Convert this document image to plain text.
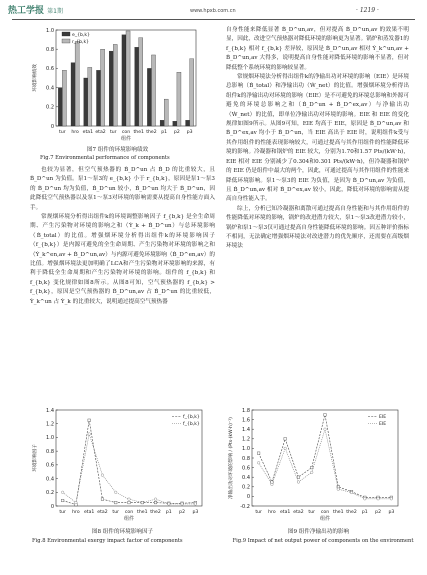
热工学报 第1期	www.hpxb.com.cn	· 1219 ·
0
0.2
0.4
0.6
0.8
1.0
tur hro eta1 eta2 tur con the1 the2 p1 p2 p3
组件
环境影响绩效
e_{b,k}
r_{b,k}
图7 组件的环境影响绩效
Fig.7 Environmental performance of components

也较为显著，但空气预热器的 Ḃ_D^un 占 Ḃ_D 的比重较大，且 Ḃ_D^un 为负值。泵1～泵3的 e_{b,k} 小于 r_{b,k}，原因是泵1～泵3的 Ḃ_D^un 均为负值，Ḃ_D^un 较小，Ḃ_D^un 均大于 Ḃ_D^un，因此降低空气预热器以及泵1～泵3对环境的影响需要从提高自身性能方面入手。

常规烟环境分析得出组件k的环境调整影响因子 f_{b,k} 是全生命周期、产生污染物对环境的影响之和（Ẏ_k + Ḃ_D^un）与总环境影响（Ḃ_total）的比值。增强烟环境分析得出组件k的环境影响因子（f_{b,k}）是内源可避免的全生命周期、产生污染物对环境的影响之和（Ẏ_k^en,av + Ḃ_D^un,av）与内源可避免环境影响（Ḃ_D^en,av）的比值。增强烟环境法更加明确了LCA和产生污染物对环境影响的来源，有利于降低全生命周期和产生污染物对环境的影响。组件的 f_{b,k} 和 f_{b,k} 变化规律如图8所示。从图8可知，空气预热器的 f_{b,k} > f_{b,k}，原因是空气预热器的 Ḃ_D^un,av 占 Ḃ_D^un 的比重较低，Ẏ_k^un 占 Ẏ_k 的比重较大，说明通过提高空气预热器

自身性能来降低显著 Ḃ_D^un,av，但对提高 Ḃ_D^un,av 的效果不明显，因此，改进空气预热器对降低环境的影响更为显著。锅炉和蒸发器1的 f_{b,k} 相对 f_{b,k} 差异较，原因是 Ḃ_D^un,av 相对 Ẏ_k^un,av + Ḃ_D^un,av 大得多，说明提高自身性能对降低环境的影响不显著，但对降低整个系统环境的影响较显著。

常规烟环境法分析得出组件k的净输出功对环境的影响（EIE）是环境总影响（Ḃ_total）和净输出功（Ẇ_net）的比值。增强烟环境分析得出组件k的净输出功对环境的影响（EIE）是不可避免的环境总影响和外源可避免的环境总影响之和（Ḃ_D^un + Ḃ_D^ex,av）与净输出功（Ẇ_net）的比值，即单位净输出功对环境的影响。EIE 和 EIE 的变化规律如图9所示。从图9可知，EIE 均高于 EIE，原因是 Ḃ_D^un,av 和 Ḃ_D^ex,av 均小于 Ḃ_D^un，当 EIE 高出于 EIE 时，说明组件k受与其作用组件的性能表现影响较大，可通过提高与其作用组件的性能降低环境的影响。冷凝器和锅炉的 EIE 较大，分别为1.70和1.57 Pts/(kW·h)，EIE 相对 EIE 分别减少了0.304和0.301 Pts/(kW·h)，但冷凝器和锅炉的 EIE 仍是组件中最大的两个，因此，可通过提高与其作用组件的性能来降低环境影响。泵1～泵3的 EIE 为负值，是因为 Ḃ_D^un,av 为负值，且 Ḃ_D^un,av 相对 Ḃ_D^ex,av 较小，因此，降低对环境的影响需从提高自身性能入手。

综上，分析已知冷凝器和离散可通过提高自身性能和与其作用组件的性能降低对环境的影响，锅炉的改进潜力较大，泵1～泵3改进潜力较小，锅炉和泵1～泵3仅可通过提高自身性能降低环境的影响。因五种评价指标不相同，无法确定增强烟环境法对改进潜力的优先顺序，还需要在高级烟环境法

0
0.2
0.4
0.6
0.8
1.0
1.2
1.4
tur hro eta1 eta2 tur con the1 the2 p1 p2 p3
组件
环境影响因子
f_{b,k}
f_{b,k}
图8 组件的环境影响因子
Fig.8 Environmental exergy impact factor of components
-0.2
0
0.2
0.4
0.6
0.8
1.0
1.2
1.4
1.6
1.8
tur hro eta1 eta2 tur con the1 the2 p1 p2 p3
组件
净输出功对环境的影响 / (Pts·(kW·h)⁻¹)	EIE
EIE
图9 组件净输出功的影响
Fig.9 Impact of net output power of components on the environment
